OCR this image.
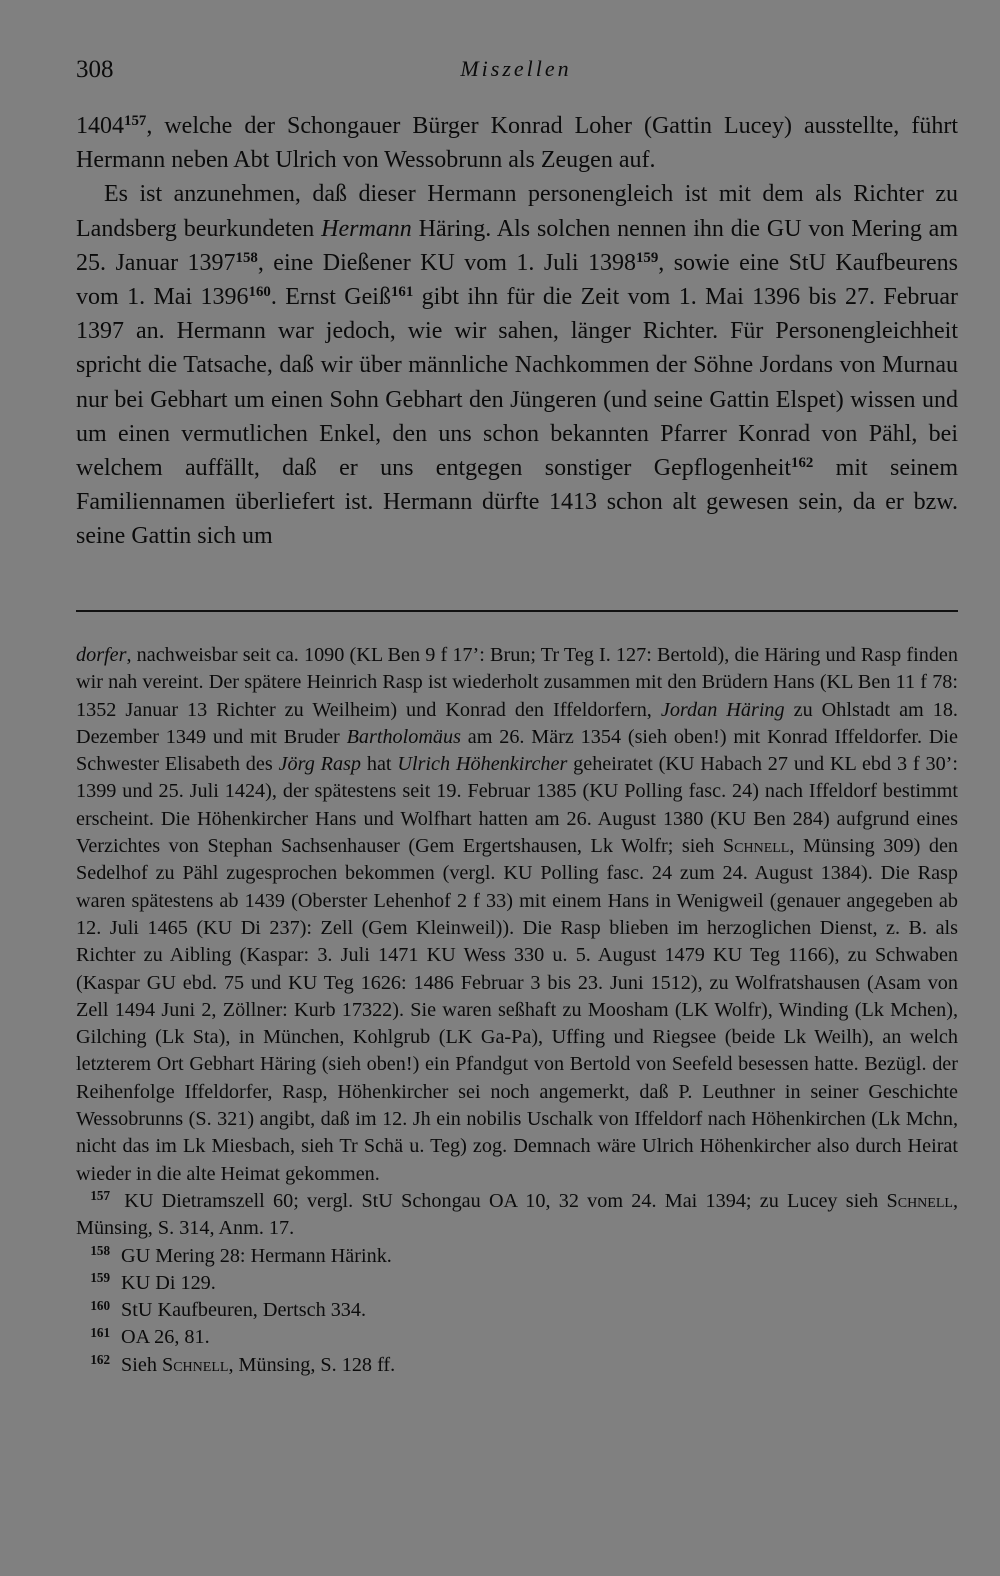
308	Miszellen

1404$^{157}$, welche der Schongauer Bürger Konrad Loher (Gattin Lucey) ausstellte, führt Hermann neben Abt Ulrich von Wessobrunn als Zeugen auf.

Es ist anzunehmen, daß dieser Hermann personengleich ist mit dem als Richter zu Landsberg beurkundeten Hermann Häring. Als solchen nennen ihn die GU von Mering am 25. Januar 1397$^{158}$, eine Dießener KU vom 1. Juli 1398$^{159}$, sowie eine StU Kaufbeurens vom 1. Mai 1396$^{160}$. Ernst Geiß$^{161}$ gibt ihn für die Zeit vom 1. Mai 1396 bis 27. Februar 1397 an. Hermann war jedoch, wie wir sahen, länger Richter. Für Personengleichheit spricht die Tatsache, daß wir über männliche Nachkommen der Söhne Jordans von Murnau nur bei Gebhart um einen Sohn Gebhart den Jüngeren (und seine Gattin Elspet) wissen und um einen vermutlichen Enkel, den uns schon bekannten Pfarrer Konrad von Pähl, bei welchem auffällt, daß er uns entgegen sonstiger Gepflogenheit$^{162}$ mit seinem Familiennamen überliefert ist. Hermann dürfte 1413 schon alt gewesen sein, da er bzw. seine Gattin sich um

dorfer, nachweisbar seit ca. 1090 (KL Ben 9 f 17’: Brun; Tr Teg I. 127: Bertold), die Häring und Rasp finden wir nah vereint. Der spätere Heinrich Rasp ist wiederholt zusammen mit den Brüdern Hans (KL Ben 11 f 78: 1352 Januar 13 Richter zu Weilheim) und Konrad den Iffeldorfern, Jordan Häring zu Ohlstadt am 18. Dezember 1349 und mit Bruder Bartholomäus am 26. März 1354 (sieh oben!) mit Konrad Iffeldorfer. Die Schwester Elisabeth des Jörg Rasp hat Ulrich Höhenkircher geheiratet (KU Habach 27 und KL ebd 3 f 30’: 1399 und 25. Juli 1424), der spätestens seit 19. Februar 1385 (KU Polling fasc. 24) nach Iffeldorf bestimmt erscheint. Die Höhenkircher Hans und Wolfhart hatten am 26. August 1380 (KU Ben 284) aufgrund eines Verzichtes von Stephan Sachsenhauser (Gem Ergertshausen, Lk Wolfr; sieh Schnell, Münsing 309) den Sedelhof zu Pähl zugesprochen bekommen (vergl. KU Polling fasc. 24 zum 24. August 1384). Die Rasp waren spätestens ab 1439 (Oberster Lehenhof 2 f 33) mit einem Hans in Wenigweil (genauer angegeben ab 12. Juli 1465 (KU Di 237): Zell (Gem Kleinweil)). Die Rasp blieben im herzoglichen Dienst, z. B. als Richter zu Aibling (Kaspar: 3. Juli 1471 KU Wess 330 u. 5. August 1479 KU Teg 1166), zu Schwaben (Kaspar GU ebd. 75 und KU Teg 1626: 1486 Februar 3 bis 23. Juni 1512), zu Wolfratshausen (Asam von Zell 1494 Juni 2, Zöllner: Kurb 17322). Sie waren seßhaft zu Moosham (LK Wolfr), Winding (Lk Mchen), Gilching (Lk Sta), in München, Kohlgrub (LK Ga-Pa), Uffing und Riegsee (beide Lk Weilh), an welch letzterem Ort Gebhart Häring (sieh oben!) ein Pfandgut von Bertold von Seefeld besessen hatte. Bezügl. der Reihenfolge Iffeldorfer, Rasp, Höhenkircher sei noch angemerkt, daß P. Leuthner in seiner Geschichte Wessobrunns (S. 321) angibt, daß im 12. Jh ein nobilis Uschalk von Iffeldorf nach Höhenkirchen (Lk Mchn, nicht das im Lk Miesbach, sieh Tr Schä u. Teg) zog. Demnach wäre Ulrich Höhenkircher also durch Heirat wieder in die alte Heimat gekommen.

157 KU Dietramszell 60; vergl. StU Schongau OA 10, 32 vom 24. Mai 1394; zu Lucey sieh Schnell, Münsing, S. 314, Anm. 17.

158 GU Mering 28: Hermann Härink.

159 KU Di 129.

160 StU Kaufbeuren, Dertsch 334.

161 OA 26, 81.

162 Sieh Schnell, Münsing, S. 128 ff.
